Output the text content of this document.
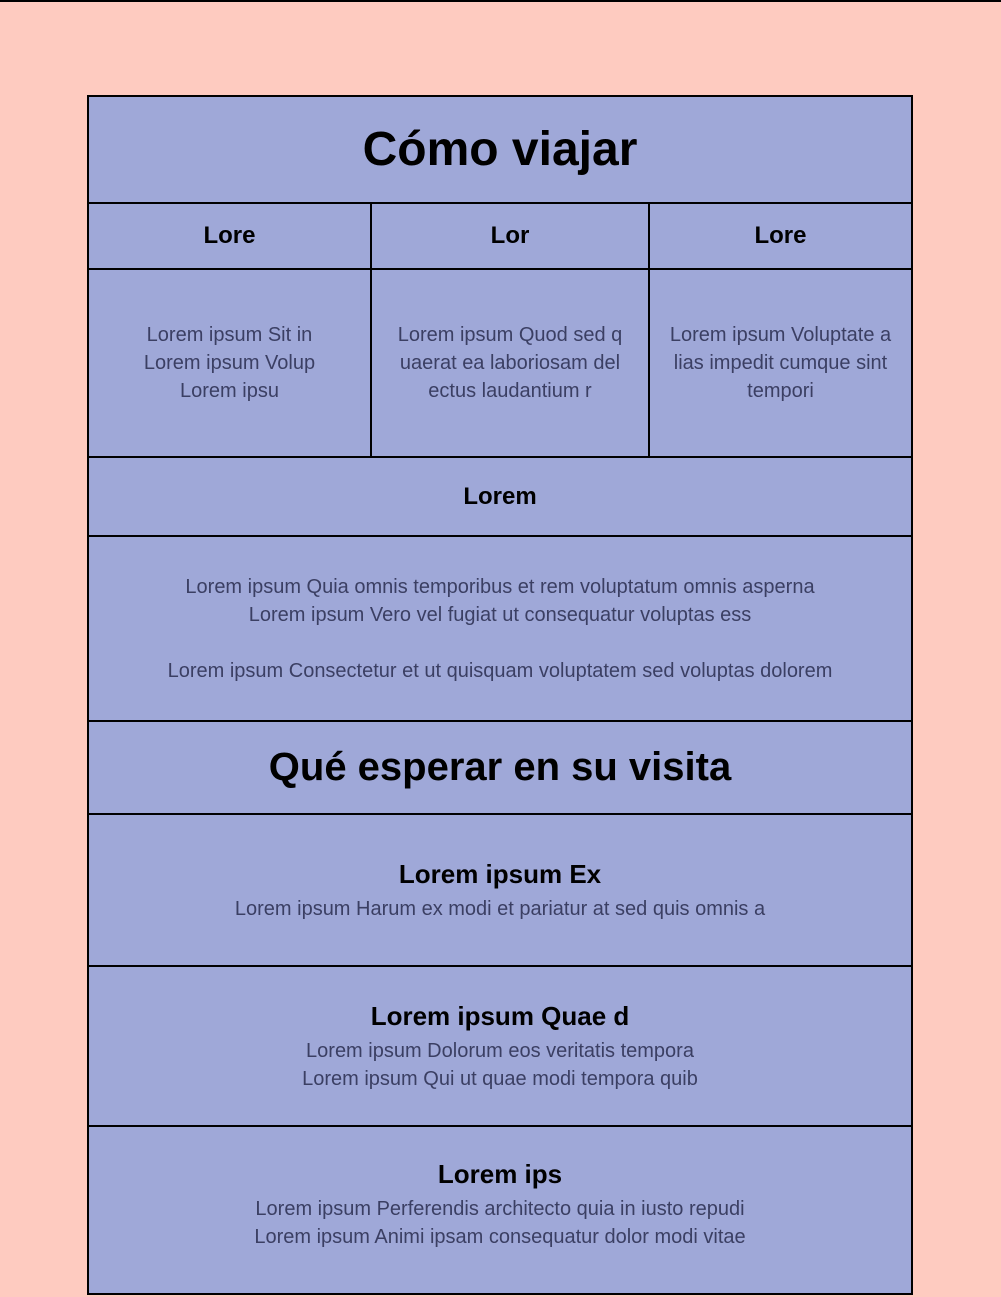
Cómo viajar
Lore	Lor	Lore
Lorem ipsum Sit in
Lorem ipsum Volup
Lorem ipsu
Lorem ipsum Quod sed q
uaerat ea laboriosam del
ectus laudantium r
Lorem ipsum Voluptate a
lias impedit cumque sint
tempori
Lorem
Lorem ipsum Quia omnis temporibus et rem voluptatum omnis asperna
Lorem ipsum Vero vel fugiat ut consequatur voluptas ess
Lorem ipsum Consectetur et ut quisquam voluptatem sed voluptas dolorem
Qué esperar en su visita
Lorem ipsum Ex
Lorem ipsum Harum ex modi et pariatur at sed quis omnis a
Lorem ipsum Quae d
Lorem ipsum Dolorum eos veritatis tempora
Lorem ipsum Qui ut quae modi tempora quib
Lorem ips
Lorem ipsum Perferendis architecto quia in iusto repudi
Lorem ipsum Animi ipsam consequatur dolor modi vitae
